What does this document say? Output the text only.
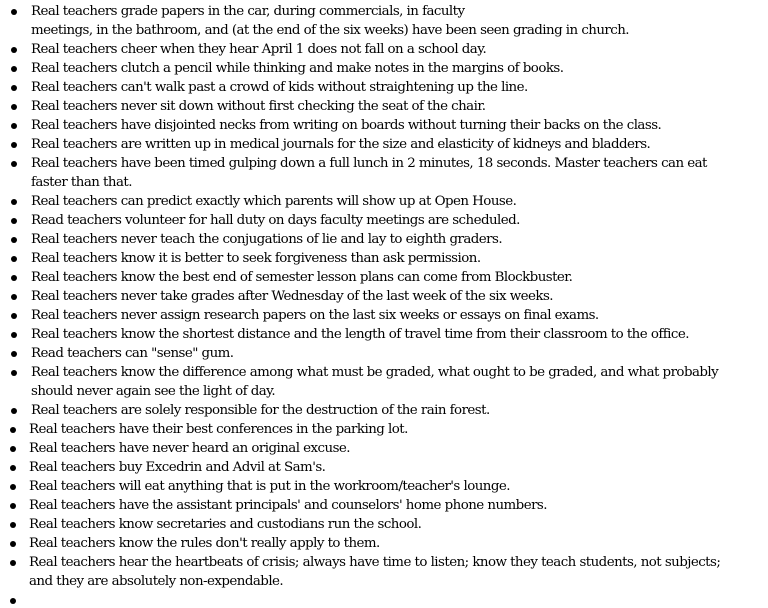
Real teachers grade papers in the car, during commercials, in faculty
meetings, in the bathroom, and (at the end of the six weeks) have been seen grading in church.
Real teachers cheer when they hear April 1 does not fall on a school day.
Real teachers clutch a pencil while thinking and make notes in the margins of books.
Real teachers can't walk past a crowd of kids without straightening up the line.
Real teachers never sit down without first checking the seat of the chair.
Real teachers have disjointed necks from writing on boards without turning their backs on the class.
Real teachers are written up in medical journals for the size and elasticity of kidneys and bladders.
Real teachers have been timed gulping down a full lunch in 2 minutes, 18 seconds. Master teachers can eat faster than that.
Real teachers can predict exactly which parents will show up at Open House.
Read teachers volunteer for hall duty on days faculty meetings are scheduled.
Real teachers never teach the conjugations of lie and lay to eighth graders.
Real teachers know it is better to seek forgiveness than ask permission.
Real teachers know the best end of semester lesson plans can come from Blockbuster.
Real teachers never take grades after Wednesday of the last week of the six weeks.
Real teachers never assign research papers on the last six weeks or essays on final exams.
Real teachers know the shortest distance and the length of travel time from their classroom to the office.
Read teachers can "sense" gum.
Real teachers know the difference among what must be graded, what ought to be graded, and what probably should never again see the light of day.
Real teachers are solely responsible for the destruction of the rain forest.
Real teachers have their best conferences in the parking lot.
Real teachers have never heard an original excuse.
Real teachers buy Excedrin and Advil at Sam's.
Real teachers will eat anything that is put in the workroom/teacher's lounge.
Real teachers have the assistant principals' and counselors' home phone numbers.
Real teachers know secretaries and custodians run the school.
Real teachers know the rules don't really apply to them.
Real teachers hear the heartbeats of crisis; always have time to listen; know they teach students, not subjects; and they are absolutely non-expendable.
